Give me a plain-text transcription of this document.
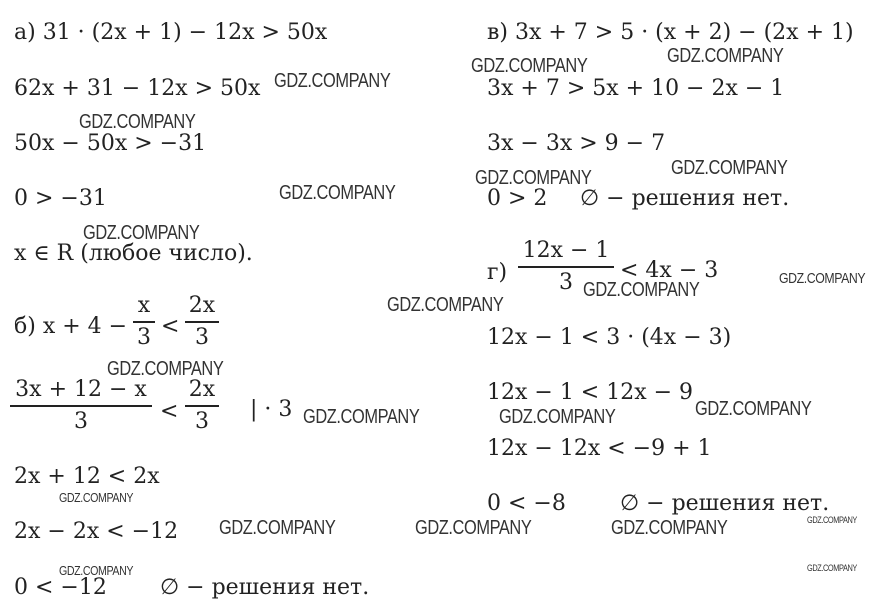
а) 31 · (2x + 1) − 12x > 50x
62x + 31 − 12x > 50x
50x − 50x > −31
0 > −31
x ∈ R (любое число).
б) x + 4 −
x
3 <
2x
3
3x + 12 − x
3	<
2x
3	| · 3
2x + 12 < 2x
2x − 2x < −12
0 < −12 ∅ − решения нет.
в) 3x + 7 > 5 · (x + 2) − (2x + 1)
3x + 7 > 5x + 10 − 2x − 1
3x − 3x > 9 − 7
0 > 2 ∅ − решения нет.
г)
12x − 1
3	< 4x − 3
12x − 1 < 3 · (4x − 3)
12x − 1 < 12x − 9
12x − 12x < −9 + 1
0 < −8 ∅ − решения нет.
GDZ.COMPANY
GDZ.COMPANY
GDZ.COMPANY
GDZ.COMPANY
GDZ.COMPANY
GDZ.COMPANY
GDZ.COMPANY
GDZ.COMPANY
GDZ.COMPANY	GDZ.COMPANY
GDZ.COMPANY
GDZ.COMPANY	GDZ.COMPANY
GDZ.COMPANY
GDZ.COMPANY
GDZ.COMPANY
GDZ.COMPANY
GDZ.COMPANY
GDZ.COMPANY
GDZ.COMPANY
GDZ.COMPANY
GDZ.COMPANY
